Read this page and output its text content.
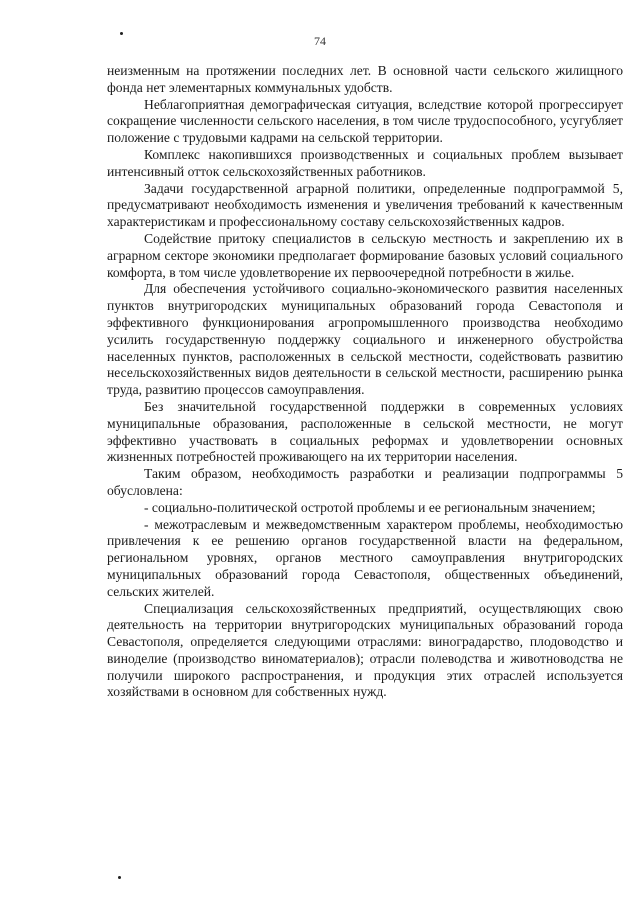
74

неизменным на протяжении последних лет. В основной части сельского жилищного фонда нет элементарных коммунальных удобств.

Неблагоприятная демографическая ситуация, вследствие которой прогрессирует сокращение численности сельского населения, в том числе трудоспособного, усугубляет положение с трудовыми кадрами на сельской территории.

Комплекс накопившихся производственных и социальных проблем вызывает интенсивный отток сельскохозяйственных работников.

Задачи государственной аграрной политики, определенные подпрограммой 5, предусматривают необходимость изменения и увеличения требований к качественным характеристикам и профессиональному составу сельскохозяйственных кадров.

Содействие притоку специалистов в сельскую местность и закреплению их в аграрном секторе экономики предполагает формирование базовых условий социального комфорта, в том числе удовлетворение их первоочередной потребности в жилье.

Для обеспечения устойчивого социально-экономического развития населенных пунктов внутригородских муниципальных образований города Севастополя и эффективного функционирования агропромышленного производства необходимо усилить государственную поддержку социального и инженерного обустройства населенных пунктов, расположенных в сельской местности, содействовать развитию несельскохозяйственных видов деятельности в сельской местности, расширению рынка труда, развитию процессов самоуправления.

Без значительной государственной поддержки в современных условиях муниципальные образования, расположенные в сельской местности, не могут эффективно участвовать в социальных реформах и удовлетворении основных жизненных потребностей проживающего на их территории населения.

Таким образом, необходимость разработки и реализации подпрограммы 5 обусловлена:

- социально-политической остротой проблемы и ее региональным значением;

- межотраслевым и межведомственным характером проблемы, необходимостью привлечения к ее решению органов государственной власти на федеральном, региональном уровнях, органов местного самоуправления внутригородских муниципальных образований города Севастополя, общественных объединений, сельских жителей.

Специализация сельскохозяйственных предприятий, осуществляющих свою деятельность на территории внутригородских муниципальных образований города Севастополя, определяется следующими отраслями: виноградарство, плодоводство и виноделие (производство виноматериалов); отрасли полеводства и животноводства не получили широкого распространения, и продукция этих отраслей используется хозяйствами в основном для собственных нужд.
